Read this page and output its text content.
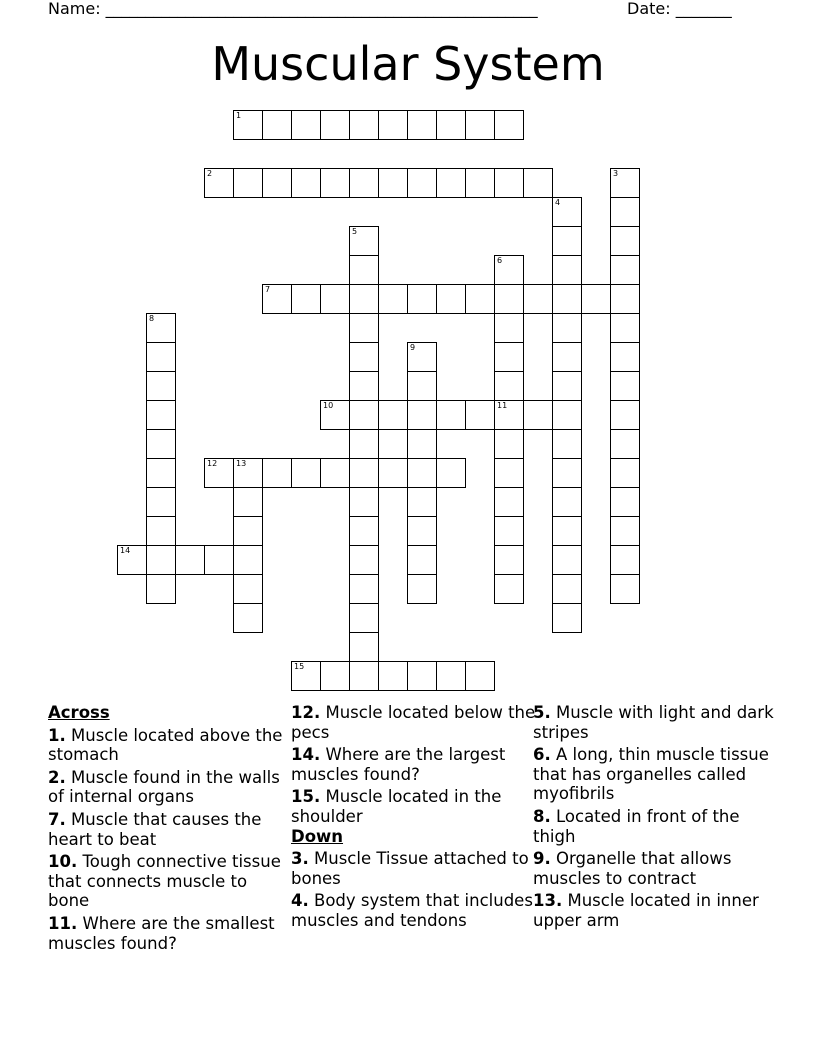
Name: ______________________________________________________	Date: _______
Muscular System
1
2	3
4
5
6
11
7
8
9
10
12 13
14
15
Across
1. Muscle located above the stomach
2. Muscle found in the walls of internal organs
7. Muscle that causes the heart to beat
10. Tough connective tissue that connects muscle to bone
11. Where are the smallest muscles found?
12. Muscle located below the pecs
14. Where are the largest muscles found?
15. Muscle located in the shoulder
Down
3. Muscle Tissue attached to bones
4. Body system that includes muscles and tendons
5. Muscle with light and dark stripes
6. A long, thin muscle tissue that has organelles called myofibrils
8. Located in front of the thigh
9. Organelle that allows muscles to contract
13. Muscle located in inner upper arm
